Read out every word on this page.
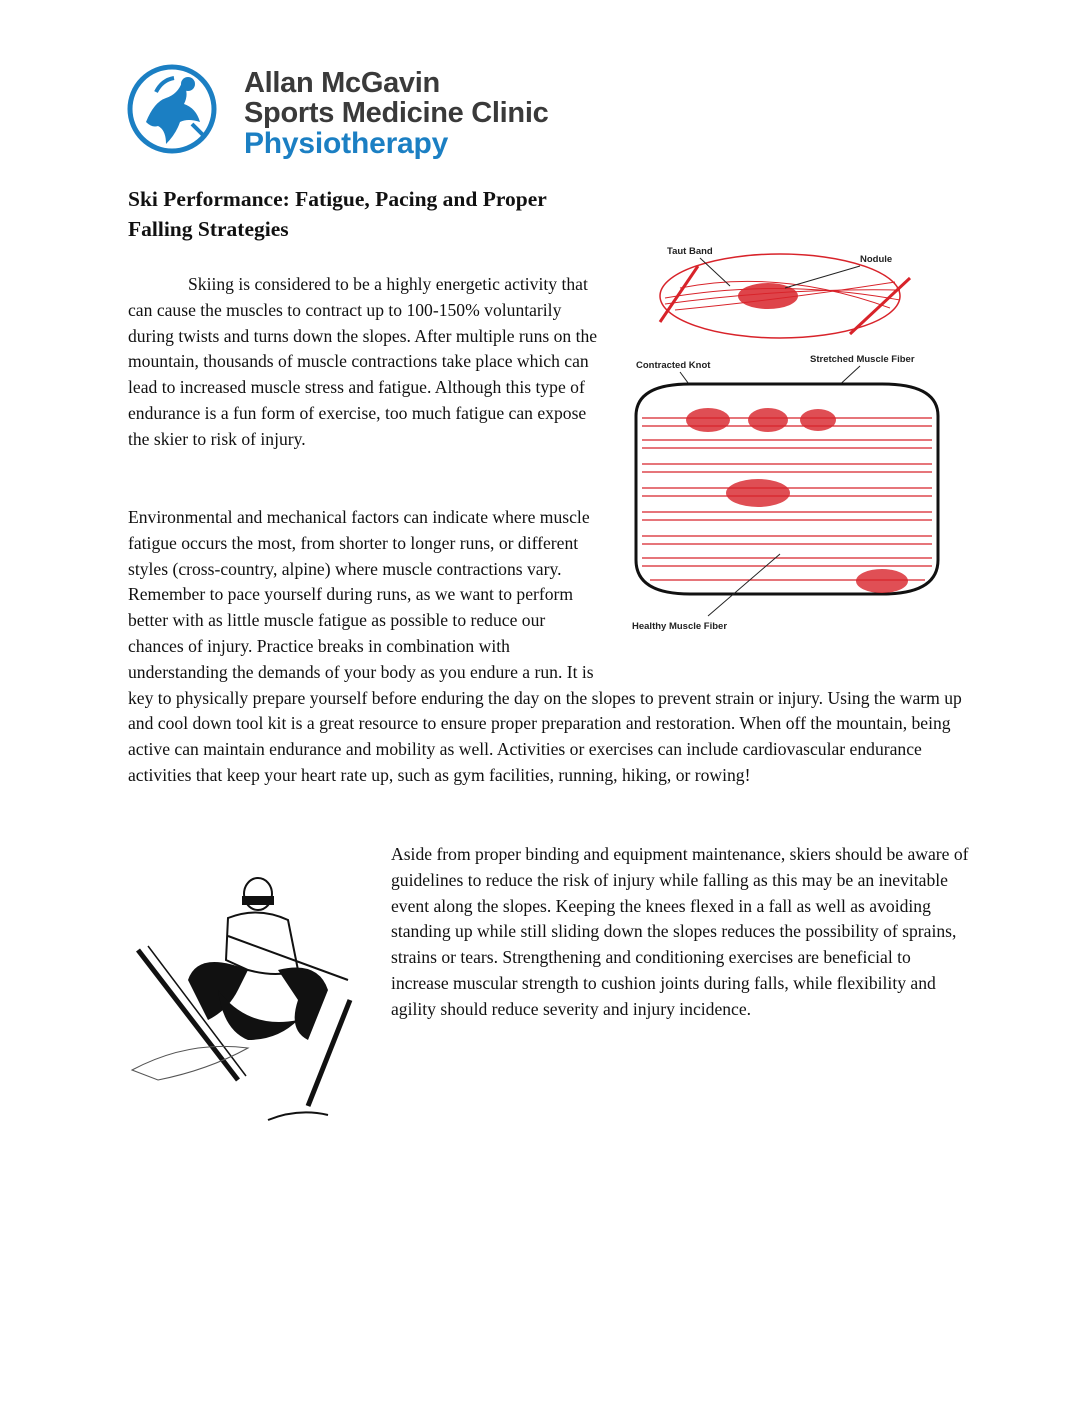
Allan McGavin
Sports Medicine Clinic
Physiotherapy
Ski Performance: Fatigue, Pacing and Proper
Falling Strategies

Skiing is considered to be a highly energetic activity that can cause the muscles to contract up to 100-150% voluntarily during twists and turns down the slopes. After multiple runs on the mountain, thousands of muscle contractions take place which can lead to increased muscle stress and fatigue. Although this type of endurance is a fun form of exercise, too much fatigue can expose the skier to risk of injury.

Environmental and mechanical factors can indicate where muscle fatigue occurs the most, from shorter to longer runs, or different styles (cross-country, alpine) where muscle contractions vary. Remember to pace yourself during runs, as we want to perform better with as little muscle fatigue as possible to reduce our chances of injury. Practice breaks in combination with understanding the demands of your body as you endure a run. It is key to physically prepare yourself before enduring the day on the slopes to prevent strain or injury. Using the warm up and cool down tool kit is a great resource to ensure proper preparation and restoration. When off the mountain, being active can maintain endurance and mobility as well. Activities or exercises can include cardiovascular endurance activities that keep your heart rate up, such as gym facilities, running, hiking, or rowing!

Taut Band
Nodule
Contracted Knot
Stretched Muscle Fiber
Healthy Muscle Fiber

Aside from proper binding and equipment maintenance, skiers should be aware of guidelines to reduce the risk of injury while falling as this may be an inevitable event along the slopes. Keeping the knees flexed in a fall as well as avoiding standing up while still sliding down the slopes reduces the possibility of sprains, strains or tears. Strengthening and conditioning exercises are beneficial to increase muscular strength to cushion joints during falls, while flexibility and agility should reduce severity and injury incidence.
